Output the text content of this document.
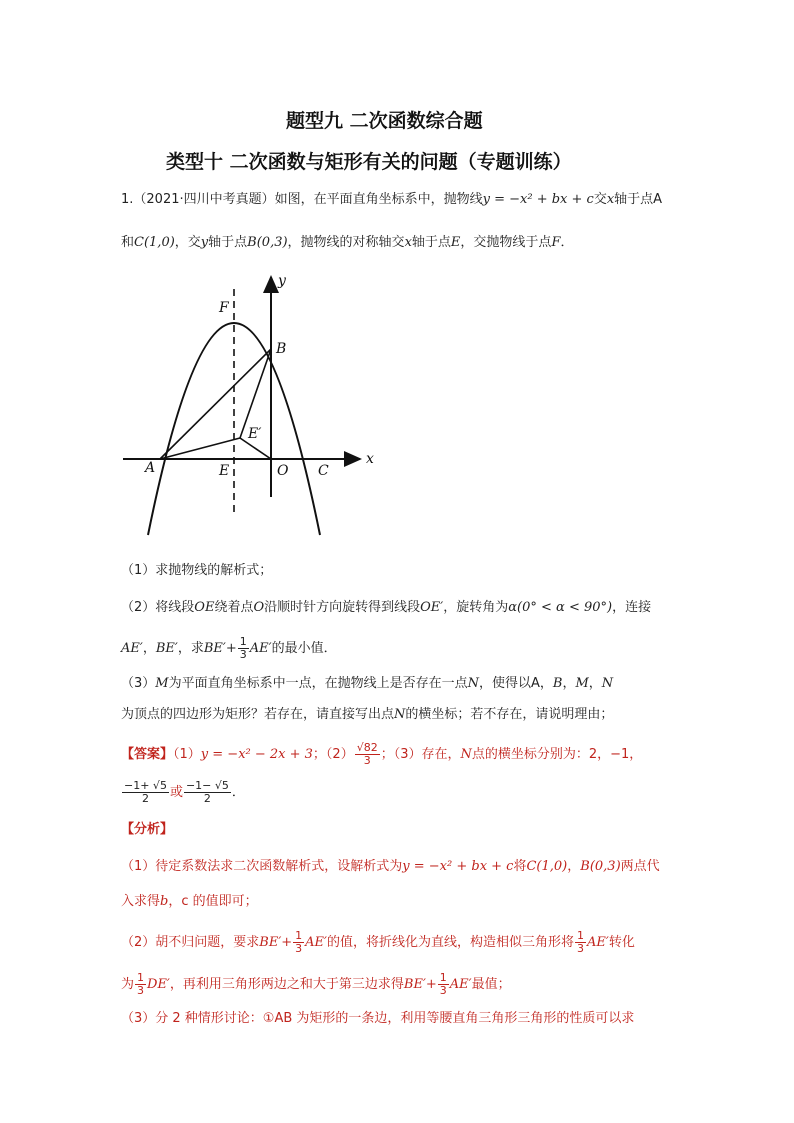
题型九 二次函数综合题
类型十 二次函数与矩形有关的问题（专题训练）
1.（2021·四川中考真题）如图，在平面直角坐标系中，抛物线y = −x² + bx + c交x轴于点A
和C(1,0)，交y轴于点B(0,3)，抛物线的对称轴交x轴于点E，交抛物线于点F．
F
B
E′
A	E	O C
x
y
（1）求抛物线的解析式；
（2）将线段OE绕着点O沿顺时针方向旋转得到线段OE′，旋转角为α(0° < α < 90°)，连接
AE′，BE′，求$BE'+ \frac{1}{3} AE'$的最小值．
（3）M为平面直角坐标系中一点，在抛物线上是否存在一点N，使得以A，B，M，N
为顶点的四边形为矩形？若存在，请直接写出点N的横坐标；若不存在，请说明理由；
【答案】（1）y = −x² − 2x + 3；$(2) \frac{√82}{3}$ ；（3）存在，N点的横坐标分别为：2，−1，
$\frac{-1+ √5}{2}$ 或 $\frac{-1- √5}{2}$ ．
【分析】
（1）待定系数法求二次函数解析式，设解析式为y = −x² + bx + c将C(1,0)，B(0,3)两点代
入求得b，c 的值即可；
（2）胡不归问题，要求$BE'+ \frac{1}{3} AE'$的值，将折线化为直线，构造相似三角形将 $\frac{1}{3} AE'$转化
为 $\frac{1}{3} DE'$，再利用三角形两边之和大于第三边求得$BE'+ \frac{1}{3} AE'$最值；
（3）分 2 种情形讨论：①AB 为矩形的一条边，利用等腰直角三角形三角形的性质可以求
